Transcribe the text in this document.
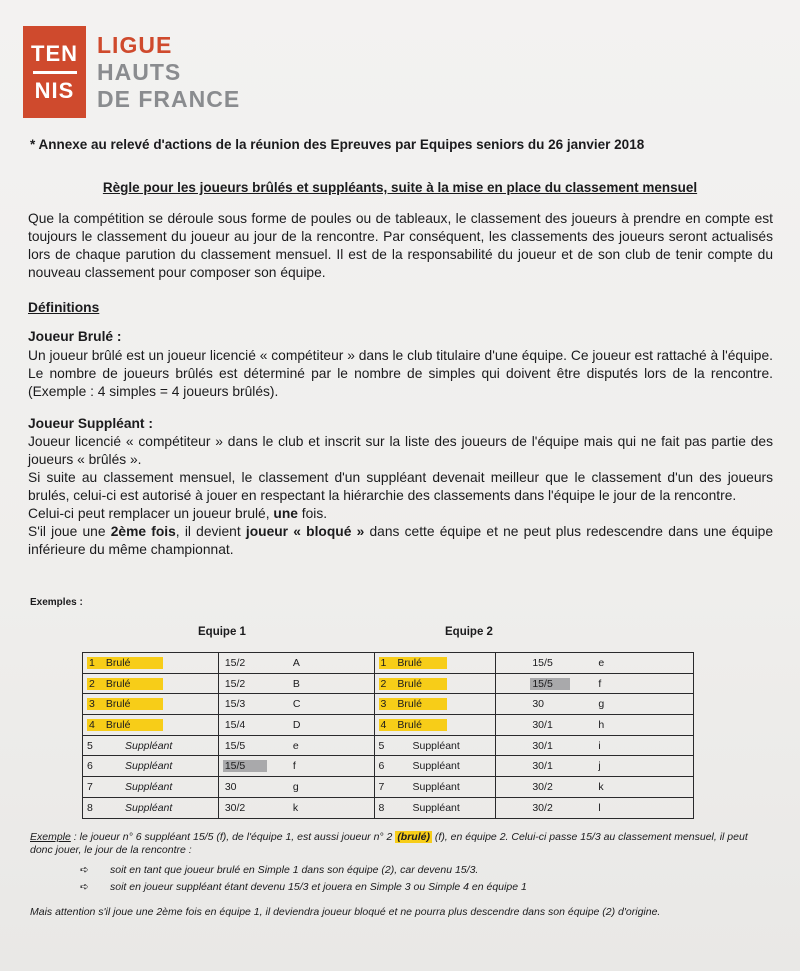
TEN
NIS
LIGUE
HAUTS
DE FRANCE
* Annexe au relevé d'actions de la réunion des Epreuves par Equipes seniors du 26 janvier 2018
Règle pour les joueurs brûlés et suppléants, suite à la mise en place du classement mensuel
Que la compétition se déroule sous forme de poules ou de tableaux, le classement des joueurs à prendre en compte est toujours le classement du joueur au jour de la rencontre. Par conséquent, les classements des joueurs seront actualisés lors de chaque parution du classement mensuel. Il est de la responsabilité du joueur et de son club de tenir compte du nouveau classement pour composer son équipe.
Définitions
Joueur Brulé :
Un joueur brûlé est un joueur licencié « compétiteur » dans le club titulaire d'une équipe. Ce joueur est rattaché à l'équipe. Le nombre de joueurs brûlés est déterminé par le nombre de simples qui doivent être disputés lors de la rencontre. (Exemple : 4 simples = 4 joueurs brûlés).
Joueur Suppléant :

Joueur licencié « compétiteur » dans le club et inscrit sur la liste des joueurs de l'équipe mais qui ne fait pas partie des joueurs « brûlés ».

Si suite au classement mensuel, le classement d'un suppléant devenait meilleur que le classement d'un des joueurs brulés, celui-ci est autorisé à jouer en respectant la hiérarchie des classements dans l'équipe le jour de la rencontre.

Celui-ci peut remplacer un joueur brulé, une fois.

S'il joue une 2ème fois, il devient joueur « bloqué » dans cette équipe et ne peut plus redescendre dans une équipe inférieure du même championnat.

Exemples :
Equipe 1	Equipe 2
1 Brulé	15/2 A	1 Brulé	15/5 e
2 Brulé	15/2 B	2 Brulé	15/5 f
3 Brulé	15/3 C	3 Brulé	30 g
4 Brulé	15/4 D	4 Brulé	30/1 h
5 Suppléant	15/5 e	5 Suppléant	30/1 i
6 Suppléant	15/5 f	6 Suppléant	30/1 j
7 Suppléant	30 g	7 Suppléant	30/2 k
8 Suppléant	30/2 k	8 Suppléant	30/2 l
Exemple : le joueur n° 6 suppléant 15/5 (f), de l'équipe 1, est aussi joueur n° 2 (brulé) (f), en équipe 2. Celui-ci passe 15/3 au classement mensuel, il peut donc jouer, le jour de la rencontre :
➪ soit en tant que joueur brulé en Simple 1 dans son équipe (2), car devenu 15/3.
➪ soit en joueur suppléant étant devenu 15/3 et jouera en Simple 3 ou Simple 4 en équipe 1
Mais attention s'il joue une 2ème fois en équipe 1, il deviendra joueur bloqué et ne pourra plus descendre dans son équipe (2) d'origine.
